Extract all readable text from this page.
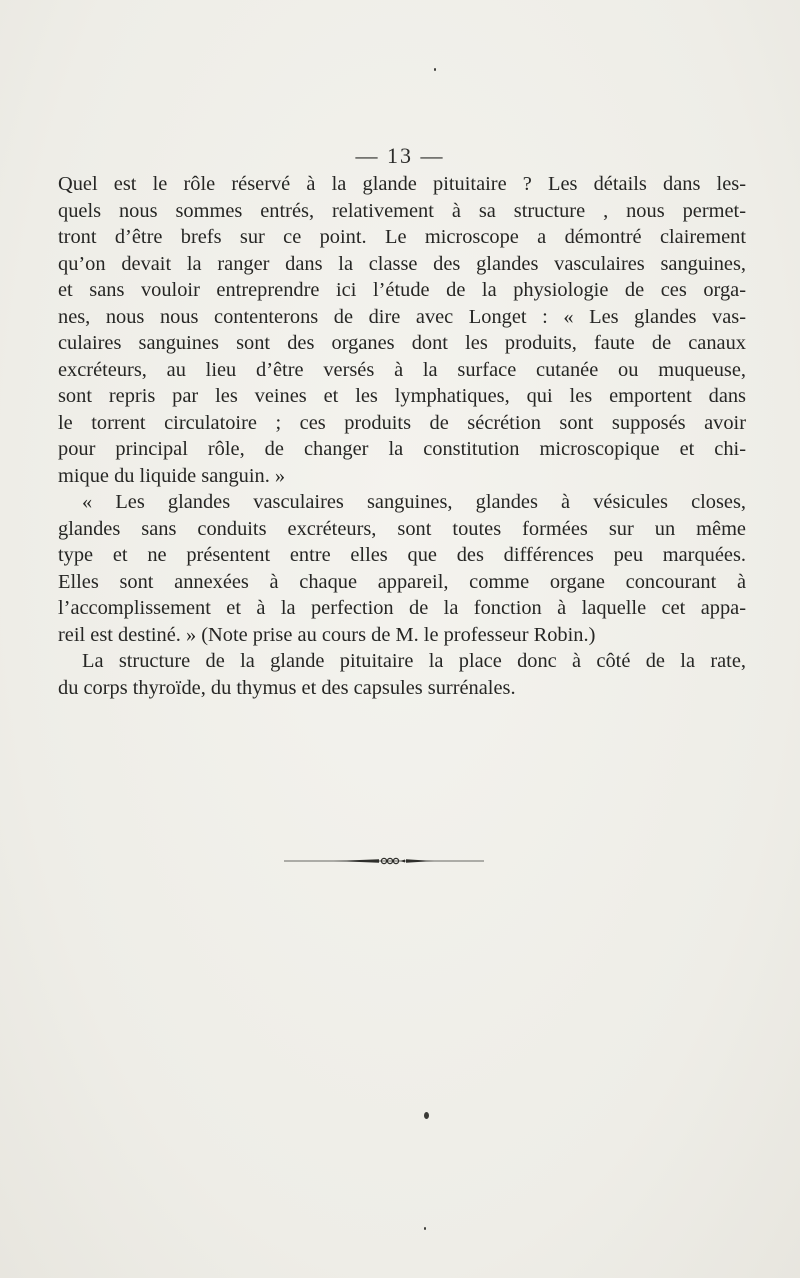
— 13 —
Quel est le rôle réservé à la glande pituitaire ? Les détails dans les-
quels nous sommes entrés, relativement à sa structure , nous permet-
tront d’être brefs sur ce point. Le microscope a démontré clairement
qu’on devait la ranger dans la classe des glandes vasculaires sanguines,
et sans vouloir entreprendre ici l’étude de la physiologie de ces orga-
nes, nous nous contenterons de dire avec Longet : « Les glandes vas-
culaires sanguines sont des organes dont les produits, faute de canaux
excréteurs, au lieu d’être versés à la surface cutanée ou muqueuse,
sont repris par les veines et les lymphatiques, qui les emportent dans
le torrent circulatoire ; ces produits de sécrétion sont supposés avoir
pour principal rôle, de changer la constitution microscopique et chi-
mique du liquide sanguin. »
« Les glandes vasculaires sanguines, glandes à vésicules closes,
glandes sans conduits excréteurs, sont toutes formées sur un même
type et ne présentent entre elles que des différences peu marquées.
Elles sont annexées à chaque appareil, comme organe concourant à
l’accomplissement et à la perfection de la fonction à laquelle cet appa-
reil est destiné. » (Note prise au cours de M. le professeur Robin.)
La structure de la glande pituitaire la place donc à côté de la rate,
du corps thyroïde, du thymus et des capsules surrénales.
